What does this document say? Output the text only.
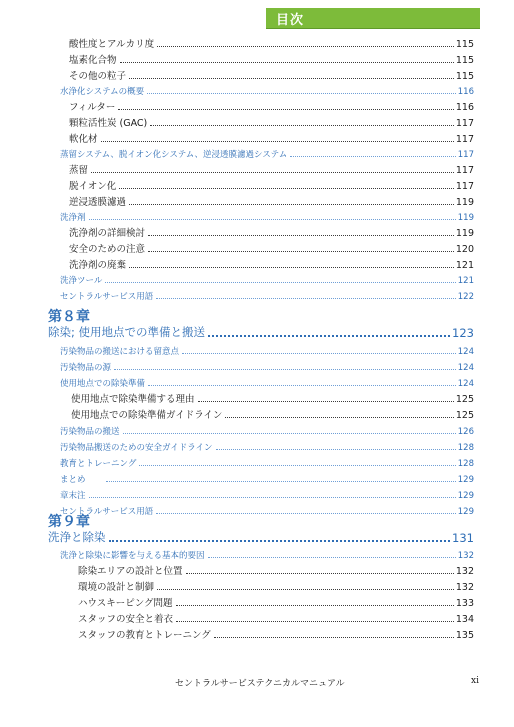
目次
酸性度とアルカリ度	115
塩素化合物	115
その他の粒子	115
水浄化システムの概要	116
フィルター	116
顆粒活性炭 (GAC)	117
軟化材	117
蒸留システム、脱イオン化システム、逆浸透膜濾過システム	117
蒸留	117
脱イオン化	117
逆浸透膜濾過	119
洗浄剤	119
洗浄剤の詳細検討	119
安全のための注意	120
洗浄剤の廃棄	121
洗浄ツール	121
セントラルサービス用語	122
第８章
除染; 使用地点での準備と搬送	123
汚染物品の搬送における留意点	124
汚染物品の源	124
使用地点での除染準備	124
使用地点で除染準備する理由	125
使用地点での除染準備ガイドライン	125
汚染物品の搬送	126
汚染物品搬送のための安全ガイドライン	128
教育とトレーニング	128
まとめ	129
章末注	129
セントラルサービス用語	129
第９章
洗浄と除染	131
洗浄と除染に影響を与える基本的要因	132
除染エリアの設計と位置	132
環境の設計と制御	132
ハウスキーピング問題	133
スタッフの安全と着衣	134
スタッフの教育とトレーニング	135
セントラルサービステクニカルマニュアル	xi
